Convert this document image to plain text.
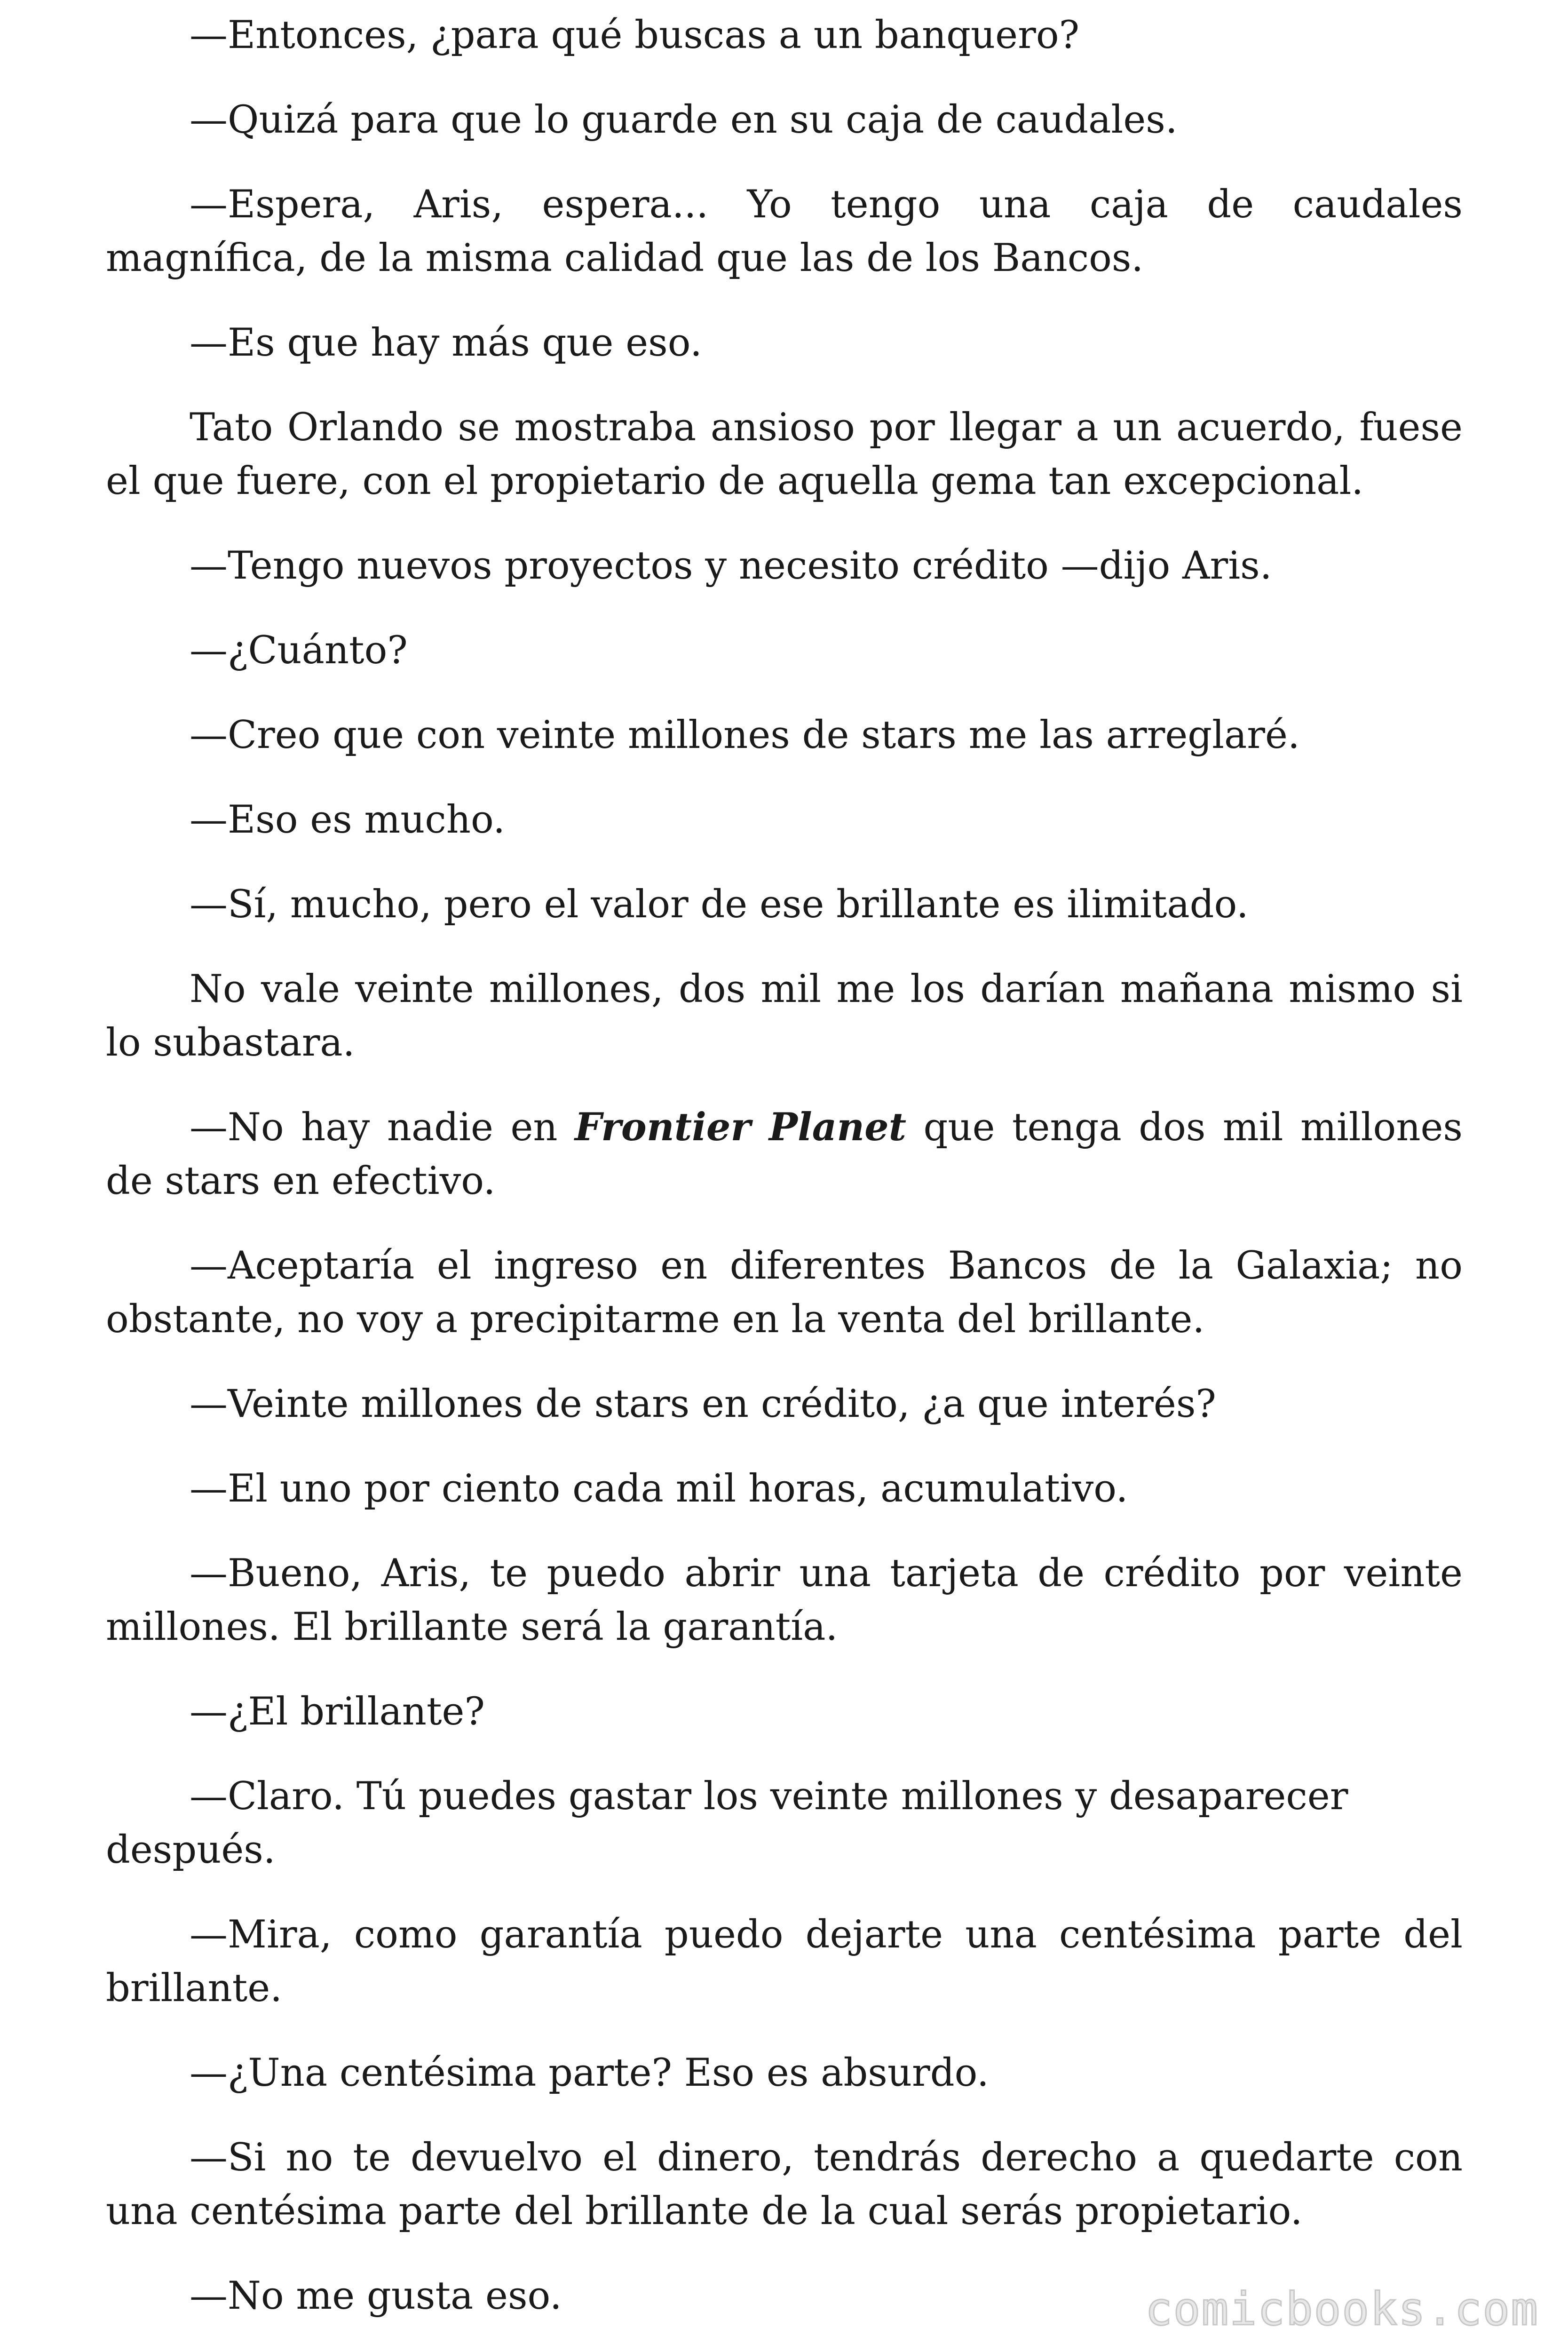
—Entonces, ¿para qué buscas a un banquero?

—Quizá para que lo guarde en su caja de caudales.

—Espera, Aris, espera... Yo tengo una caja de caudales magnífica, de la misma calidad que las de los Bancos.

—Es que hay más que eso.

Tato Orlando se mostraba ansioso por llegar a un acuerdo, fuese el que fuere, con el propietario de aquella gema tan excepcional.

—Tengo nuevos proyectos y necesito crédito —dijo Aris.

—¿Cuánto?

—Creo que con veinte millones de stars me las arreglaré.

—Eso es mucho.

—Sí, mucho, pero el valor de ese brillante es ilimitado.

No vale veinte millones, dos mil me los darían mañana mismo si lo subastara.

—No hay nadie en Frontier Planet que tenga dos mil millones de stars en efectivo.

—Aceptaría el ingreso en diferentes Bancos de la Galaxia; no obstante, no voy a precipitarme en la venta del brillante.

—Veinte millones de stars en crédito, ¿a que interés?

—El uno por ciento cada mil horas, acumulativo.

—Bueno, Aris, te puedo abrir una tarjeta de crédito por veinte millones. El brillante será la garantía.

—¿El brillante?

—Claro. Tú puedes gastar los veinte millones y desaparecer después.

—Mira, como garantía puedo dejarte una centésima parte del brillante.

—¿Una centésima parte? Eso es absurdo.

—Si no te devuelvo el dinero, tendrás derecho a quedarte con una centésima parte del brillante de la cual serás propietario.

—No me gusta eso.	comicbooks.com
